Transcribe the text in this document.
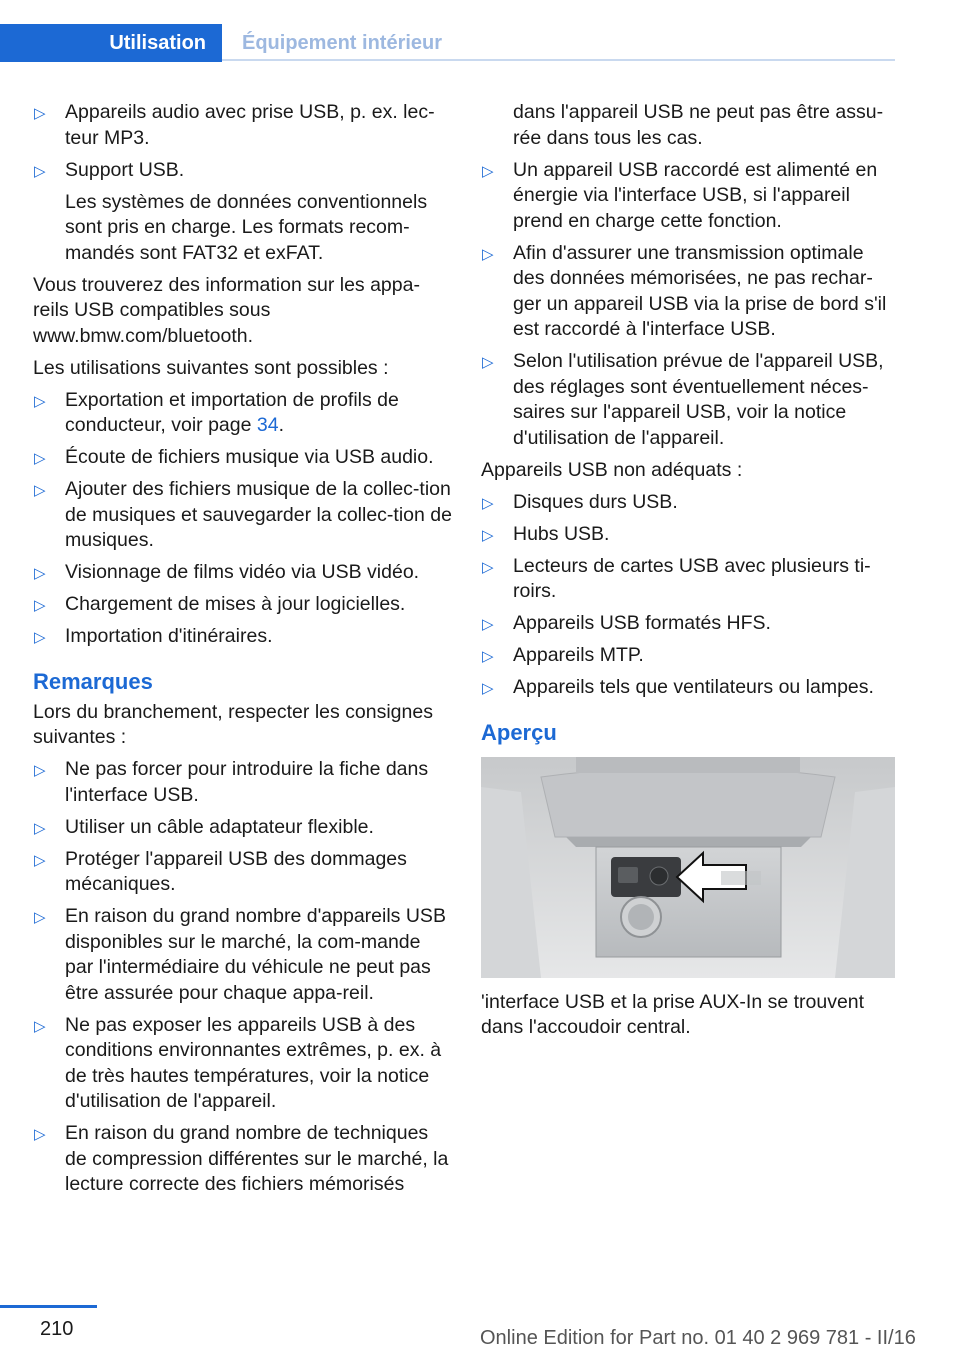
Utilisation	Équipement intérieur
▷ Appareils audio avec prise USB, p. ex. lec-teur MP3.
▷ Support USB.
Les systèmes de données conventionnels sont pris en charge. Les formats recom-mandés sont FAT32 et exFAT.

Vous trouverez des information sur les appa-reils USB compatibles sous www.bmw.com/bluetooth.

Les utilisations suivantes sont possibles :

▷ Exportation et importation de profils de conducteur, voir page 34.
▷ Écoute de fichiers musique via USB audio.
▷ Ajouter des fichiers musique de la collec-tion de musiques et sauvegarder la collec-tion de musiques.
▷ Visionnage de films vidéo via USB vidéo.
▷ Chargement de mises à jour logicielles.
▷ Importation d'itinéraires.
Remarques

Lors du branchement, respecter les consignes suivantes :

▷ Ne pas forcer pour introduire la fiche dans l'interface USB.
▷ Utiliser un câble adaptateur flexible.
▷ Protéger l'appareil USB des dommages mécaniques.
▷ En raison du grand nombre d'appareils USB disponibles sur le marché, la com-mande par l'intermédiaire du véhicule ne peut pas être assurée pour chaque appa-reil.
▷ Ne pas exposer les appareils USB à des conditions environnantes extrêmes, p. ex. à de très hautes températures, voir la notice d'utilisation de l'appareil.
▷ En raison du grand nombre de techniques de compression différentes sur le marché, la lecture correcte des fichiers mémorisés
dans l'appareil USB ne peut pas être assu-rée dans tous les cas.
▷ Un appareil USB raccordé est alimenté en énergie via l'interface USB, si l'appareil prend en charge cette fonction.
▷ Afin d'assurer une transmission optimale des données mémorisées, ne pas rechar-ger un appareil USB via la prise de bord s'il est raccordé à l'interface USB.
▷ Selon l'utilisation prévue de l'appareil USB, des réglages sont éventuellement néces-saires sur l'appareil USB, voir la notice d'utilisation de l'appareil.

Appareils USB non adéquats :

▷ Disques durs USB.
▷ Hubs USB.
▷ Lecteurs de cartes USB avec plusieurs ti-roirs.
▷ Appareils USB formatés HFS.
▷ Appareils MTP.
▷ Appareils tels que ventilateurs ou lampes.
Aperçu

'interface USB et la prise AUX-In se trouvent dans l'accoudoir central.

210	Online Edition for Part no. 01 40 2 969 781 - II/16
